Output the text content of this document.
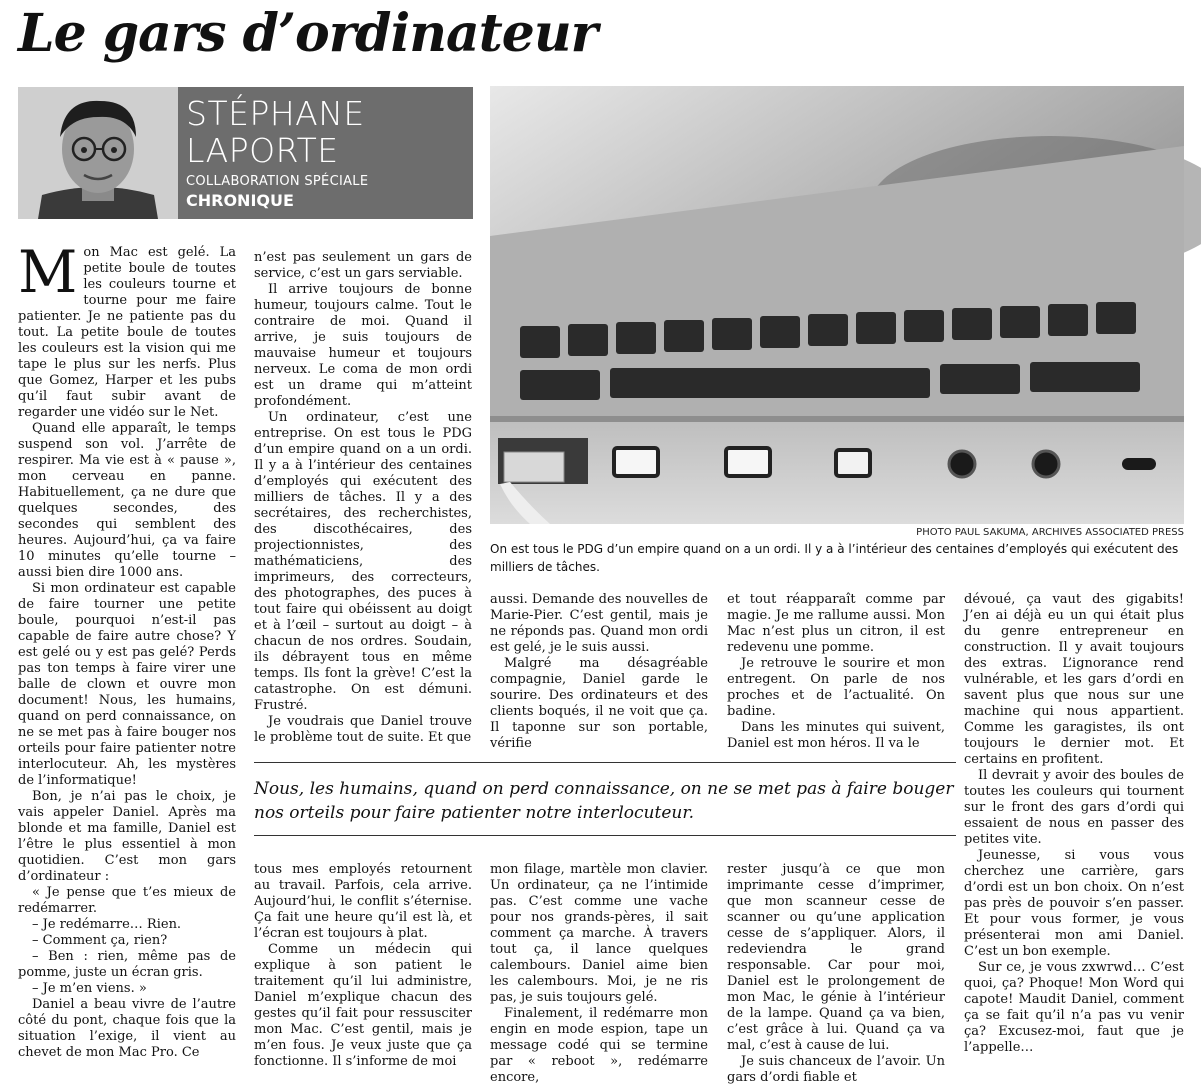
Le gars d’ordinateur
STÉPHANE
LAPORTE
COLLABORATION SPÉCIALE
CHRONIQUE
PHOTO PAUL SAKUMA, ARCHIVES ASSOCIATED PRESS
On est tous le PDG d’un empire quand on a un ordi. Il y a à l’intérieur des centaines d’employés qui exécutent des milliers de tâches.

Mon Mac est gelé. La petite boule de toutes les couleurs tourne et tourne pour me faire patienter. Je ne patiente pas du tout. La petite boule de toutes les couleurs est la vision qui me tape le plus sur les nerfs. Plus que Gomez, Harper et les pubs qu’il faut subir avant de regarder une vidéo sur le Net.

Quand elle apparaît, le temps suspend son vol. J’arrête de respirer. Ma vie est à « pause », mon cerveau en panne. Habituellement, ça ne dure que quelques secondes, des secondes qui semblent des heures. Aujourd’hui, ça va faire 10 minutes qu’elle tourne – aussi bien dire 1000 ans.

Si mon ordinateur est capable de faire tourner une petite boule, pourquoi n’est-il pas capable de faire autre chose? Y est gelé ou y est pas gelé? Perds pas ton temps à faire virer une balle de clown et ouvre mon document! Nous, les humains, quand on perd connaissance, on ne se met pas à faire bouger nos orteils pour faire patienter notre interlocuteur. Ah, les mystères de l’informatique!

Bon, je n’ai pas le choix, je vais appeler Daniel. Après ma blonde et ma famille, Daniel est l’être le plus essentiel à mon quotidien. C’est mon gars d’ordinateur :

« Je pense que t’es mieux de redémarrer.

– Je redémarre… Rien.

– Comment ça, rien?

– Ben : rien, même pas de pomme, juste un écran gris.

– Je m’en viens. »

Daniel a beau vivre de l’autre côté du pont, chaque fois que la situation l’exige, il vient au chevet de mon Mac Pro. Ce

n’est pas seulement un gars de service, c’est un gars serviable.

Il arrive toujours de bonne humeur, toujours calme. Tout le contraire de moi. Quand il arrive, je suis toujours de mauvaise humeur et toujours nerveux. Le coma de mon ordi est un drame qui m’atteint profondément.

Un ordinateur, c’est une entreprise. On est tous le PDG d’un empire quand on a un ordi. Il y a à l’intérieur des centaines d’employés qui exécutent des milliers de tâches. Il y a des secrétaires, des recherchistes, des discothécaires, des projectionnistes, des mathématiciens, des imprimeurs, des correcteurs, des photographes, des puces à tout faire qui obéissent au doigt et à l’œil – surtout au doigt – à chacun de nos ordres. Soudain, ils débrayent tous en même temps. Ils font la grève! C’est la catastrophe. On est démuni. Frustré.

Je voudrais que Daniel trouve le problème tout de suite. Et que

aussi. Demande des nouvelles de Marie-Pier. C’est gentil, mais je ne réponds pas. Quand mon ordi est gelé, je le suis aussi.

Malgré ma désagréable compagnie, Daniel garde le sourire. Des ordinateurs et des clients boqués, il ne voit que ça. Il taponne sur son portable, vérifie

et tout réapparaît comme par magie. Je me rallume aussi. Mon Mac n’est plus un citron, il est redevenu une pomme.

Je retrouve le sourire et mon entregent. On parle de nos proches et de l’actualité. On badine.

Dans les minutes qui suivent, Daniel est mon héros. Il va le

dévoué, ça vaut des gigabits! J’en ai déjà eu un qui était plus du genre entrepreneur en construction. Il y avait toujours des extras. L’ignorance rend vulnérable, et les gars d’ordi en savent plus que nous sur une machine qui nous appartient. Comme les garagistes, ils ont toujours le dernier mot. Et certains en profitent.

Il devrait y avoir des boules de toutes les couleurs qui tournent sur le front des gars d’ordi qui essaient de nous en passer des petites vite.

Jeunesse, si vous vous cherchez une carrière, gars d’ordi est un bon choix. On n’est pas près de pouvoir s’en passer. Et pour vous former, je vous présenterai mon ami Daniel. C’est un bon exemple.

Sur ce, je vous zxwrwd… C’est quoi, ça? Phoque! Mon Word qui capote! Maudit Daniel, comment ça se fait qu’il n’a pas vu venir ça? Excusez-moi, faut que je l’appelle…

Nous, les humains, quand on perd connaissance, on ne se met pas à faire bouger nos orteils pour faire patienter notre interlocuteur.

tous mes employés retournent au travail. Parfois, cela arrive. Aujourd’hui, le conflit s’éternise. Ça fait une heure qu’il est là, et l’écran est toujours à plat.

Comme un médecin qui explique à son patient le traitement qu’il lui administre, Daniel m’explique chacun des gestes qu’il fait pour ressusciter mon Mac. C’est gentil, mais je m’en fous. Je veux juste que ça fonctionne. Il s’informe de moi

mon filage, martèle mon clavier. Un ordinateur, ça ne l’intimide pas. C’est comme une vache pour nos grands-pères, il sait comment ça marche. À travers tout ça, il lance quelques calembours. Daniel aime bien les calembours. Moi, je ne ris pas, je suis toujours gelé.

Finalement, il redémarre mon engin en mode espion, tape un message codé qui se termine par « reboot », redémarre encore,

rester jusqu’à ce que mon imprimante cesse d’imprimer, que mon scanneur cesse de scanner ou qu’une application cesse de s’appliquer. Alors, il redeviendra le grand responsable. Car pour moi, Daniel est le prolongement de mon Mac, le génie à l’intérieur de la lampe. Quand ça va bien, c’est grâce à lui. Quand ça va mal, c’est à cause de lui.

Je suis chanceux de l’avoir. Un gars d’ordi fiable et
